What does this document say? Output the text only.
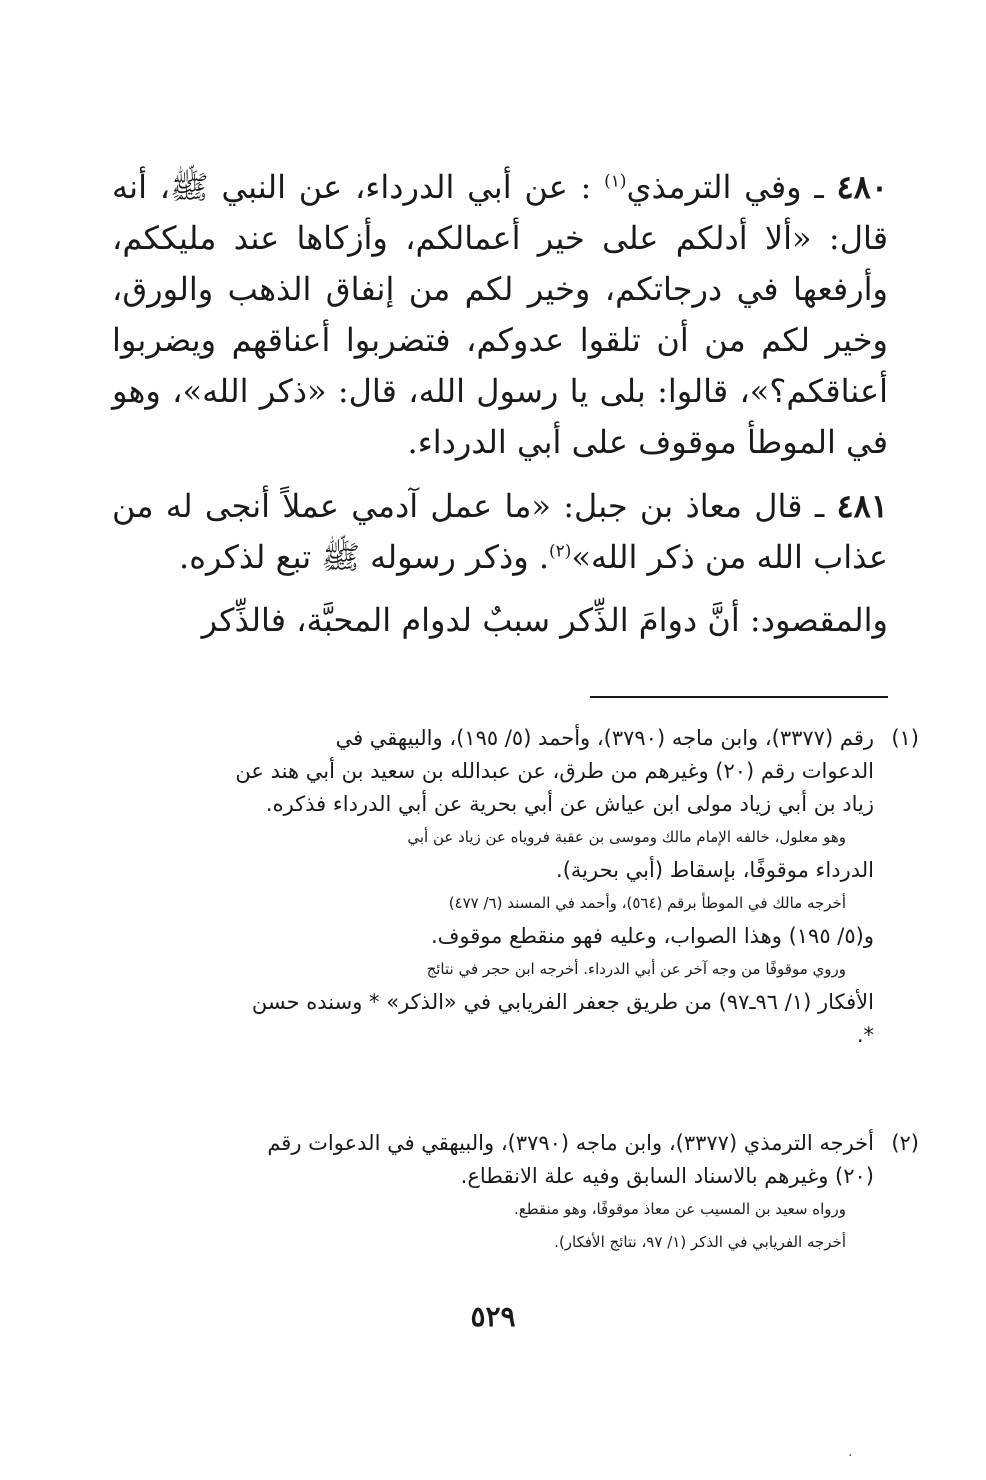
٤٨٠ ـ وفي الترمذي$^{(١)}$ : عن أبي الدرداء، عن النبي ﷺ، أنه قال: «ألا أدلكم على خير أعمالكم، وأزكاها عند مليككم، وأرفعها في درجاتكم، وخير لكم من إنفاق الذهب والورق، وخير لكم من أن تلقوا عدوكم، فتضربوا أعناقهم ويضربوا أعناقكم؟»، قالوا: بلى يا رسول الله، قال: «ذكر الله»، وهو في الموطأ موقوف على أبي الدرداء.

٤٨١ ـ قال معاذ بن جبل: «ما عمل آدمي عملاً أنجى له من عذاب الله من ذكر الله»$^{(٢)}$. وذكر رسوله ﷺ تبع لذكره.

والمقصود: أنَّ دوامَ الذِّكر سببٌ لدوام المحبَّة، فالذِّكر

(١)
رقم (٣٣٧٧)، وابن ماجه (٣٧٩٠)، وأحمد (٥/ ١٩٥)، والبيهقي في
الدعوات رقم (٢٠) وغيرهم من طرق، عن عبدالله بن سعيد بن أبي هند عن
زياد بن أبي زياد مولى ابن عياش عن أبي بحرية عن أبي الدرداء فذكره.
وهو معلول، خالفه الإمام مالك وموسى بن عقبة فروياه عن زياد عن أبي
الدرداء موقوفًا، بإسقاط (أبي بحرية).
أخرجه مالك في الموطأ برقم (٥٦٤)، وأحمد في المسند (٦/ ٤٧٧)
و(٥/ ١٩٥) وهذا الصواب، وعليه فهو منقطع موقوف.
وروي موقوفًا من وجه آخر عن أبي الدرداء. أخرجه ابن حجر في نتائج
الأفكار (١/ ٩٦ـ٩٧) من طريق جعفر الفريابي في «الذكر» * وسنده حسن
*.
(٢)
أخرجه الترمذي (٣٣٧٧)، وابن ماجه (٣٧٩٠)، والبيهقي في الدعوات رقم
(٢٠) وغيرهم بالاسناد السابق وفيه علة الانقطاع.
ورواه سعيد بن المسيب عن معاذ موقوفًا، وهو منقطع.
أخرجه الفريابي في الذكر (١/ ٩٧، نتائج الأفكار).
٥٢٩
·
